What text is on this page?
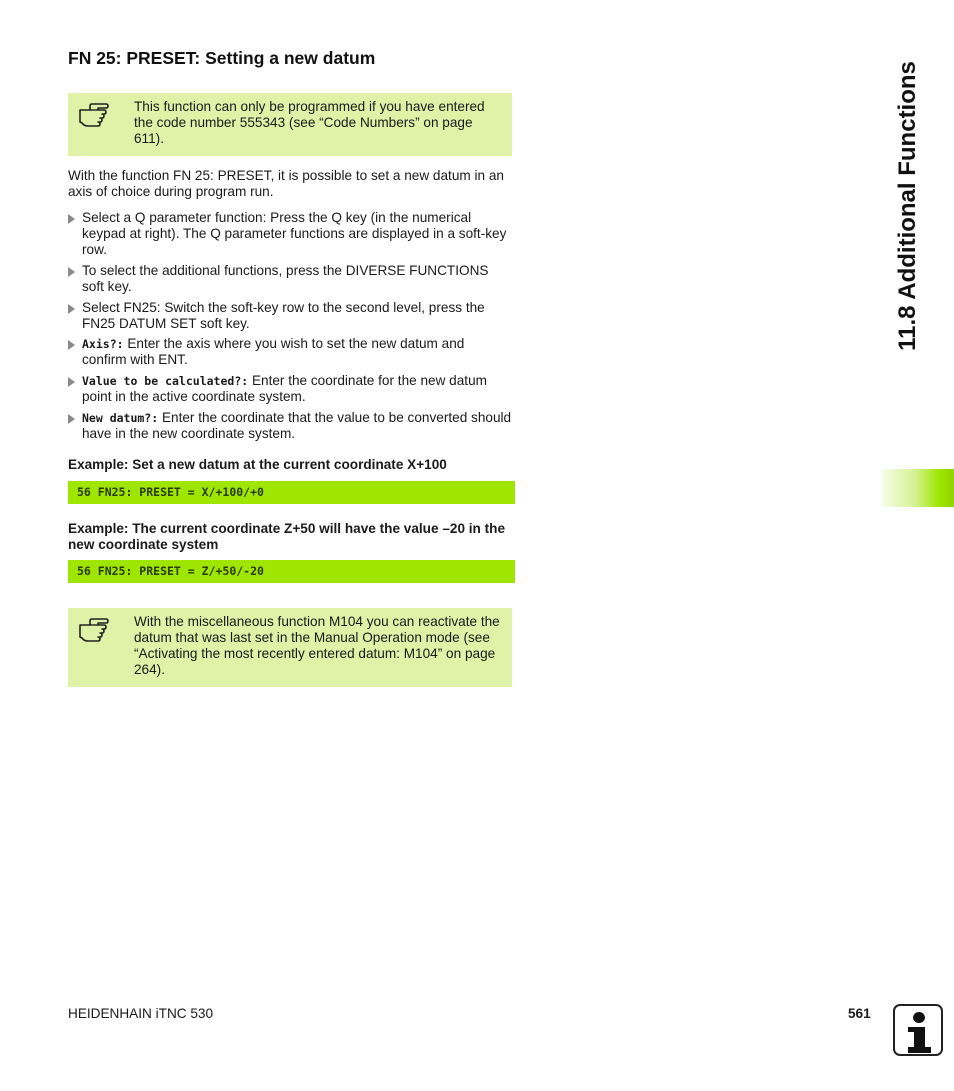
FN 25: PRESET: Setting a new datum

This function can only be programmed if you have entered the code number 555343 (see “Code Numbers” on page 611).

With the function FN 25: PRESET, it is possible to set a new datum in an axis of choice during program run.

Select a Q parameter function: Press the Q key (in the numerical keypad at right). The Q parameter functions are displayed in a soft-key row.
To select the additional functions, press the DIVERSE FUNCTIONS soft key.
Select FN25: Switch the soft-key row to the second level, press the FN25 DATUM SET soft key.
Axis?: Enter the axis where you wish to set the new datum and confirm with ENT.
Value to be calculated?: Enter the coordinate for the new datum point in the active coordinate system.
New datum?: Enter the coordinate that the value to be converted should have in the new coordinate system.

Example: Set a new datum at the current coordinate X+100

56 FN25: PRESET = X/+100/+0

Example: The current coordinate Z+50 will have the value –20 in the new coordinate system

56 FN25: PRESET = Z/+50/-20

With the miscellaneous function M104 you can reactivate the datum that was last set in the Manual Operation mode (see “Activating the most recently entered datum: M104” on page 264).

11.8 Additional Functions
HEIDENHAIN iTNC 530	561
